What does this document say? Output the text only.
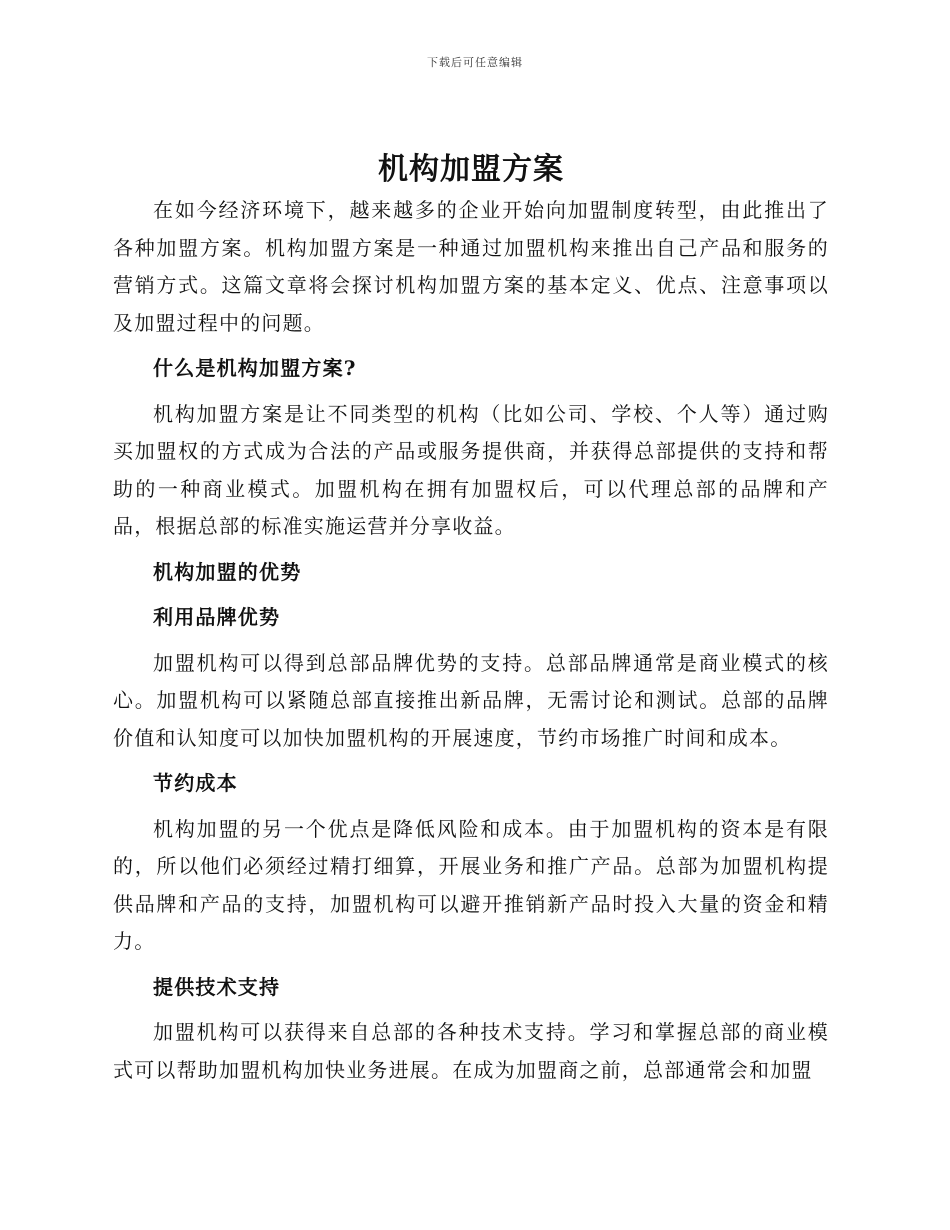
下载后可任意编辑
机构加盟方案

在如今经济环境下，越来越多的企业开始向加盟制度转型，由此推出了各种加盟方案。机构加盟方案是一种通过加盟机构来推出自己产品和服务的营销方式。这篇文章将会探讨机构加盟方案的基本定义、优点、注意事项以及加盟过程中的问题。

什么是机构加盟方案?

机构加盟方案是让不同类型的机构（比如公司、学校、个人等）通过购买加盟权的方式成为合法的产品或服务提供商，并获得总部提供的支持和帮助的一种商业模式。加盟机构在拥有加盟权后，可以代理总部的品牌和产品，根据总部的标准实施运营并分享收益。

机构加盟的优势
利用品牌优势

加盟机构可以得到总部品牌优势的支持。总部品牌通常是商业模式的核心。加盟机构可以紧随总部直接推出新品牌，无需讨论和测试。总部的品牌价值和认知度可以加快加盟机构的开展速度，节约市场推广时间和成本。

节约成本

机构加盟的另一个优点是降低风险和成本。由于加盟机构的资本是有限的，所以他们必须经过精打细算，开展业务和推广产品。总部为加盟机构提供品牌和产品的支持，加盟机构可以避开推销新产品时投入大量的资金和精力。

提供技术支持

加盟机构可以获得来自总部的各种技术支持。学习和掌握总部的商业模式可以帮助加盟机构加快业务进展。在成为加盟商之前，总部通常会和加盟
